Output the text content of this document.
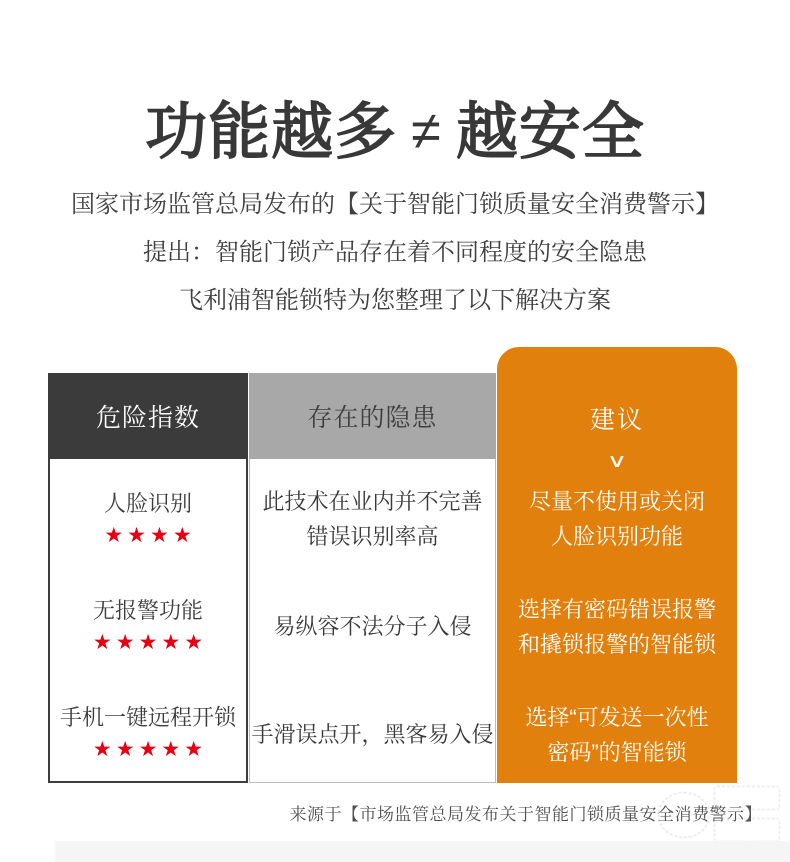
功能越多 ≠ 越安全
国家市场监管总局发布的【关于智能门锁质量安全消费警示】
提出：智能门锁产品存在着不同程度的安全隐患
飞利浦智能锁特为您整理了以下解决方案
危险指数	存在的隐患
人脸识别
★★★★
无报警功能
★★★★★
手机一键远程开锁
★★★★★
此技术在业内并不完善
错误识别率高
易纵容不法分子入侵
手滑误点开，黑客易入侵
建议
∨
尽量不使用或关闭
人脸识别功能
选择有密码错误报警
和撬锁报警的智能锁
选择“可发送一次性
密码”的智能锁
来源于【市场监管总局发布关于智能门锁质量安全消费警示】
